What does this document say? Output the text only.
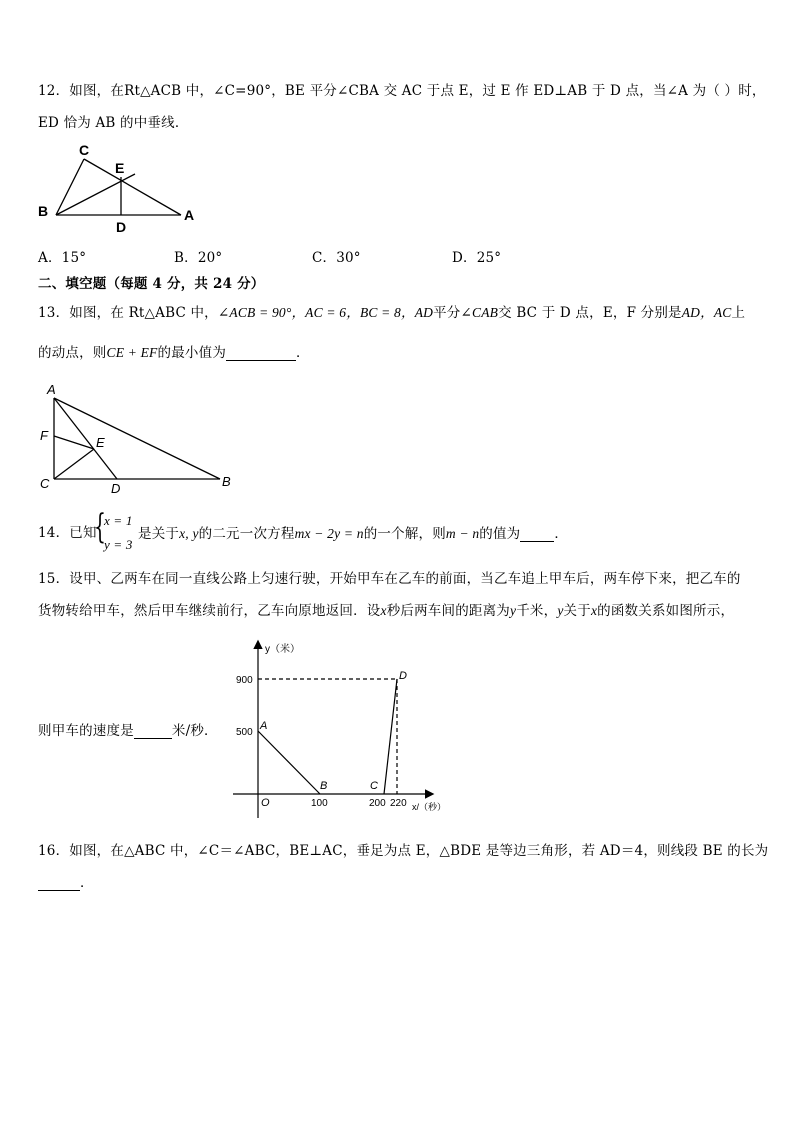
12．如图，在Rt△ACB 中，∠C=90°，BE 平分∠CBA 交 AC 于点 E，过 E 作 ED⊥AB 于 D 点，当∠A 为（ ）时，
ED 恰为 AB 的中垂线．
B
C
E
D
A
A．15°	B．20°	C．30°	D．25°
二、填空题（每题 4 分，共 24 分）
13．如图，在 Rt△ABC 中，∠ACB = 90°，AC = 6，BC = 8，AD平分∠CAB交 BC 于 D 点，E，F 分别是AD，AC上
的动点，则CE + EF的最小值为	．
A
F	E
C	D	B
14．已知
{
x = 1
y = 3
是关于x, y的二元一次方程mx − 2y = n的一个解，则m − n的值为	．
15．设甲、乙两车在同一直线公路上匀速行驶，开始甲车在乙车的前面，当乙车追上甲车后，两车停下来，把乙车的
货物转给甲车，然后甲车继续前行，乙车向原地返回．设x秒后两车间的距离为y千米，y关于x的函数关系如图所示，
则甲车的速度是	米/秒．
y（米）
x/（秒）
O
900
500
100	200 220
A
B	C
D
16．如图，在△ABC 中，∠C＝∠ABC，BE⊥AC，垂足为点 E，△BDE 是等边三角形，若 AD＝4，则线段 BE 的长为
．
